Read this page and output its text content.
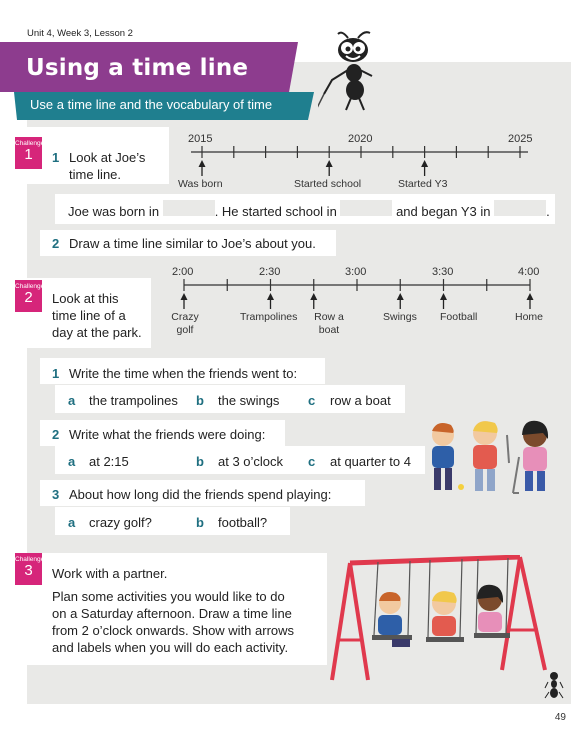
Unit 4, Week 3, Lesson 2
Using a time line
Use a time line and the vocabulary of time
Challenge
1	1 Look at Joe’s
time line.
2015	2020	2025
Was born	Started school	Started Y3
Joe was born in	. He started school in	and began Y3 in	.
2 Draw a time line similar to Joe’s about you.
Challenge
2	Look at this
time line of a
day at the park.
2:00	2:30	3:00	3:30	4:00
Crazy
golf
Trampolines Row a
boat
Swings Football	Home
1 Write the time when the friends went to:
a the trampolines b the swings c row a boat
2 Write what the friends were doing:
a at 2:15	b at 3 o’clock c at quarter to 4
3 About how long did the friends spend playing:
a crazy golf?	b football?
Challenge
3	Work with a partner.
Plan some activities you would like to do
on a Saturday afternoon. Draw a time line
from 2 o’clock onwards. Show with arrows
and labels when you will do each activity.
49
